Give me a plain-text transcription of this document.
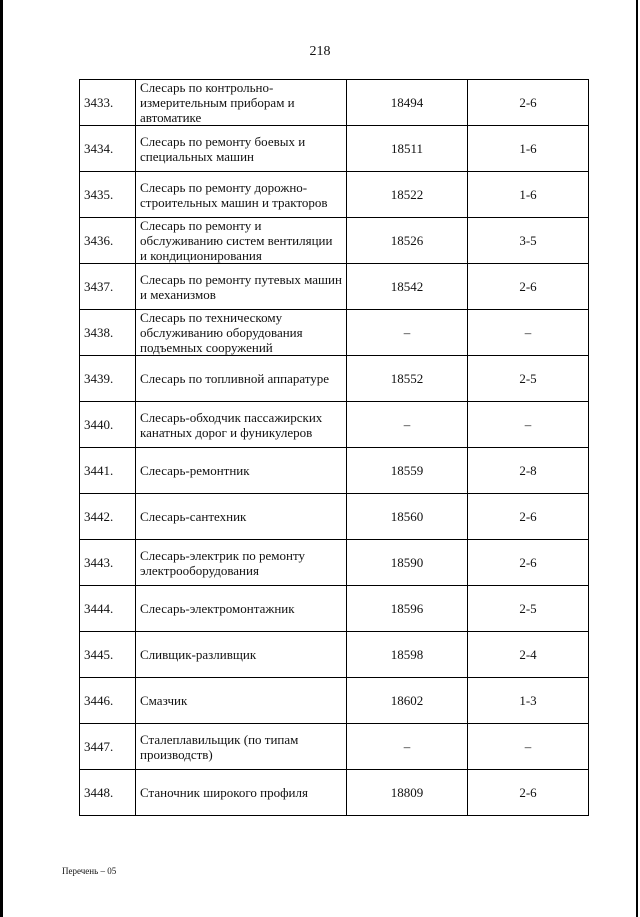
218
3433.	Слесарь по контрольно-измерительным приборам и автоматике	18494	2-6
3434.	Слесарь по ремонту боевых и специальных машин	18511	1-6
3435.	Слесарь по ремонту дорожно-строительных машин и тракторов	18522	1-6
3436.	Слесарь по ремонту и обслуживанию систем вентиляции и кондиционирования	18526	3-5
3437.	Слесарь по ремонту путевых машин и механизмов	18542	2-6
3438.	Слесарь по техническому обслуживанию оборудования подъемных сооружений	–	–
3439.	Слесарь по топливной аппаратуре	18552	2-5
3440.	Слесарь-обходчик пассажирских канатных дорог и фуникулеров	–	–
3441.	Слесарь-ремонтник	18559	2-8
3442.	Слесарь-сантехник	18560	2-6
3443.	Слесарь-электрик по ремонту электрооборудования	18590	2-6
3444.	Слесарь-электромонтажник	18596	2-5
3445.	Сливщик-разливщик	18598	2-4
3446.	Смазчик	18602	1-3
3447.	Сталеплавильщик (по типам производств)	–	–
3448.	Станочник широкого профиля	18809	2-6
Перечень – 05
